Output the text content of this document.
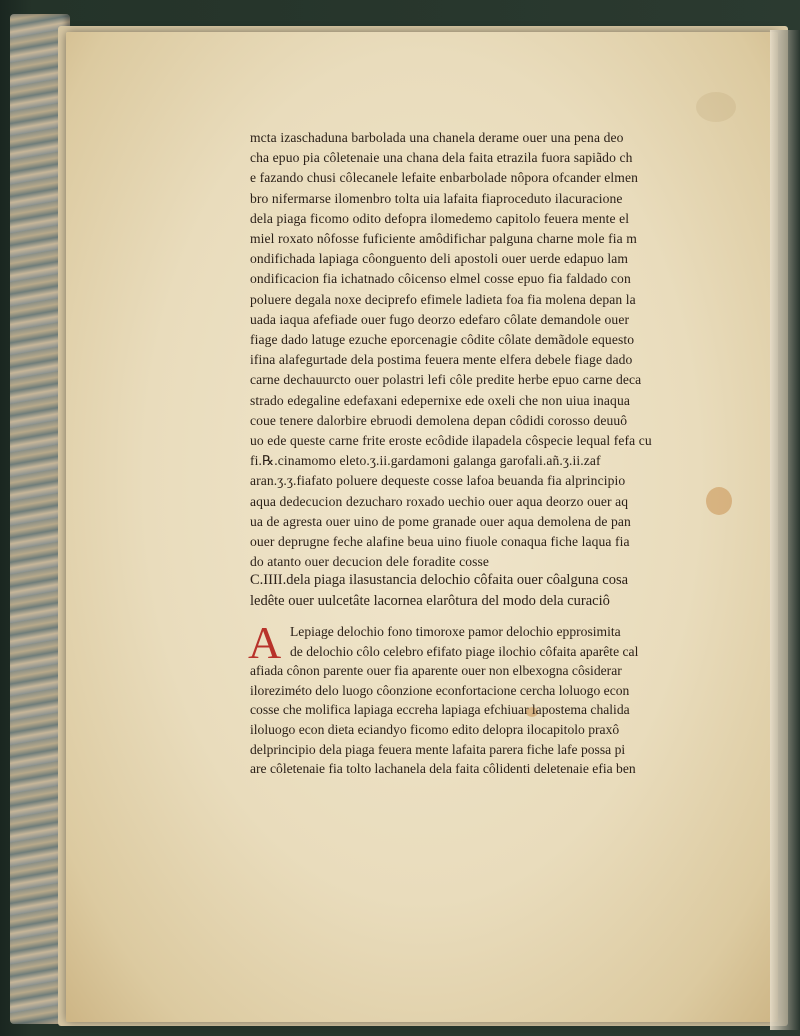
mcta izaschaduna barbolada una chanela derame ouer una pena deo
cha epuo pia côletenaie una chana dela faita etrazila fuora sapiãdo ch
e fazando chusi côlecanele lefaite enbarbolade nôpora ofcander elmen
bro nifermarse ilomenbro tolta uia lafaita fiaproceduto ilacuracione
dela piaga ficomo odito defopra ilomedemo capitolo feuera mente el
miel roxato nôfosse fuficiente amôdifichar palguna charne mole fia m
ondifichada lapiaga côonguento deli apostoli ouer uerde edapuo lam
ondificacion fia ichatnado côicenso elmel cosse epuo fia faldado con
poluere degala noxe deciprefo efimele ladieta foa fia molena depan la
uada iaqua afefiade ouer fugo deorzo edefaro côlate demandole ouer
fiage dado latuge ezuche eporcenagie côdite côlate demãdole equesto
ifina alafegurtade dela postima feuera mente elfera debele fiage dado
carne dechauurcto ouer polastri lefi côle predite herbe epuo carne deca
strado edegaline edefaxani edepernixe ede oxeli che non uiua inaqua
coue tenere dalorbire ebruodi demolena depan côdidi corosso deuuô
uo ede queste carne frite eroste ecôdide ilapadela côspecie lequal fefa cu
fi.℞.cinamomo eleto.ʒ.ii.gardamoni galanga garofali.añ.ʒ.ii.zaf
aran.ʒ.ʒ.fiafato poluere dequeste cosse lafoa beuanda fia alprincipio
aqua dedecucion dezucharo roxado uechio ouer aqua deorzo ouer aq
ua de agresta ouer uino de pome granade ouer aqua demolena de pan
ouer deprugne feche alafine beua uino fiuole conaqua fiche laqua fia
do atanto ouer decucion dele foradite cosse
C.IIII.dela piaga ilasustancia delochio côfaita ouer côalguna cosa
ledête ouer uulcetâte lacornea elarôtura del modo dela curaciô
A Lepiage delochio fono timoroxe pamor delochio epprosimita
de delochio côlo celebro efifato piage ilochio côfaita aparête cal
afiada cônon parente ouer fia aparente ouer non elbexogna côsiderar
iloreziméto delo luogo côonzione econfortacione cercha loluogo econ
cosse che molifica lapiaga eccreha lapiaga efchiuar lapostema chalida
iloluogo econ dieta eciandyo ficomo edito delopra ilocapitolo praxô
delprincipio dela piaga feuera mente lafaita parera fiche lafe possa pi
are côletenaie fia tolto lachanela dela faita côlidenti deletenaie efia ben
